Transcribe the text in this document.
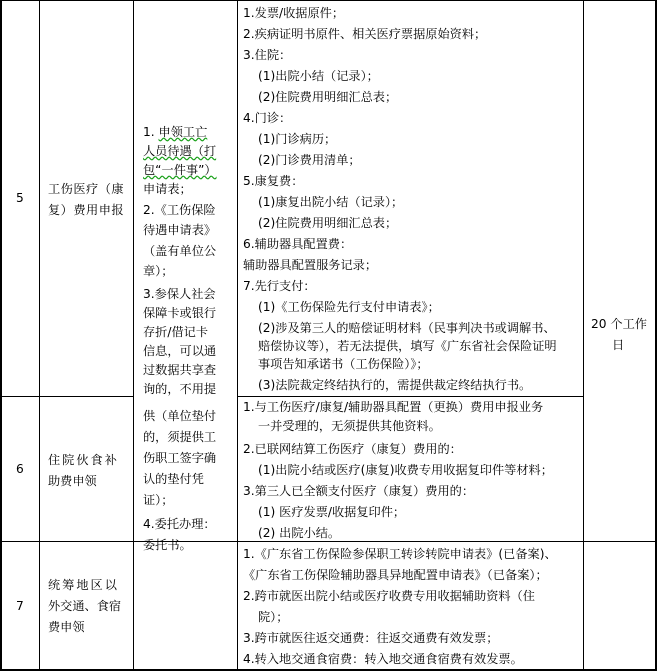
5
工伤医疗（康
复）费用申报
1.发票/收据原件；
2.疾病证明书原件、相关医疗票据原始资料；
3.住院：
(1)出院小结（记录）；
(2)住院费用明细汇总表；
4.门诊：
(1)门诊病历；
(2)门诊费用清单；
5.康复费：
(1)康复出院小结（记录）；
(2)住院费用明细汇总表；
6.辅助器具配置费：
辅助器具配置服务记录；
7.先行支付：
(1)《工伤保险先行支付申请表》；
(2)涉及第三人的赔偿证明材料（民事判决书或调解书、
赔偿协议等），若无法提供，填写《广东省社会保险证明
事项告知承诺书（工伤保险）》；
(3)法院裁定终结执行的，需提供裁定终结执行书。
6
住院伙食补
助费申领
1.与工伤医疗/康复/辅助器具配置（更换）费用申报业务
一并受理的，无须提供其他资料。
2.已联网结算工伤医疗（康复）费用的：
(1)出院小结或医疗(康复)收费专用收据复印件等材料；
3.第三人已全额支付医疗（康复）费用的：
(1) 医疗发票/收据复印件；
(2) 出院小结。
7
统筹地区以
外交通、食宿
费申领
1.《广东省工伤保险参保职工转诊转院申请表》(已备案)、
《广东省工伤保险辅助器具异地配置申请表》（已备案）；
2.跨市就医出院小结或医疗收费专用收据辅助资料（住
院）；
3.跨市就医往返交通费：往返交通费有效发票；
4.转入地交通食宿费：转入地交通食宿费有效发票。
1. 申领工亡
人员待遇（打
包“一件事”）
申请表；
2.《工伤保险
待遇申请表》
（盖有单位公
章）；
3.参保人社会
保障卡或银行
存折/借记卡
信息，可以通
过数据共享查
询的，不用提
供（单位垫付
的，须提供工
伤职工签字确
认的垫付凭
证）；
4.委托办理：
委托书。
20 个工作
日
